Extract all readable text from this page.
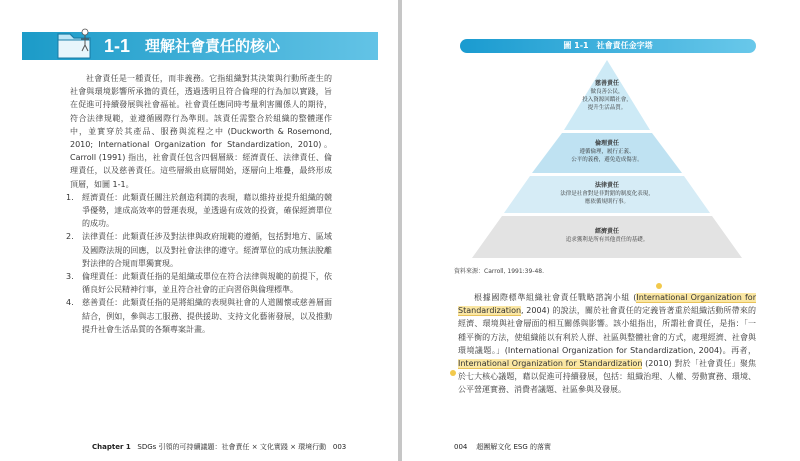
1-1 理解社會責任的核心

社會責任是一種責任，而非義務。它指組織對其決策與行動所產生的社會與環境影響所承擔的責任，透過透明且符合倫理的行為加以實踐，旨在促進可持續發展與社會福祉。社會責任應同時考量利害關係人的期待，符合法律規範，並遵循國際行為準則。該責任需整合於組織的整體運作中，並實穿於其產品、服務與流程之中 (Duckworth & Rosemond, 2010; International Organization for Standardization, 2010)。Carroll (1991) 指出，社會責任包含四個層級：經濟責任、法律責任、倫理責任，以及慈善責任。這些層級由底層開始，逐層向上堆疊，最終形成頂層，如圖 1-1。

1.	經濟責任：此類責任關注於創造利潤的表現，藉以維持並提升組織的競爭優勢，達成高效率的營運表現，並透過有成效的投資，確保經濟單位的成功。
2.	法律責任：此類責任涉及對法律與政府規範的遵循，包括對地方、區域及國際法規的回應，以及對社會法律的遵守。經濟單位的成功無法脫離對法律的合規而單獨實現。
3.	倫理責任：此類責任指的是組織或單位在符合法律與規範的前提下，依循良好公民精神行事，並且符合社會的正向習俗與倫理標準。
4.	慈善責任：此類責任指的是將組織的表現與社會的人道關懷或慈善層面結合，例如，參與志工服務、提供援助、支持文化藝術發展，以及推動提升社會生活品質的各類專案計畫。
Chapter 1 SDGs 引領的可持續議題：社會責任 × 文化實踐 × 環境行動 003
圖 1-1　社會責任金字塔
慈善責任
做良善公民，
投入資源回饋社會，
提升生活品質。
倫理責任
遵循倫理，履行正義、
公平的義務，避免造成傷害。
法律責任
法律是社會對是非對錯的制度化表現，
應依循規則行事。
經濟責任
追求獲利是所有其他責任的基礎。
資料來源：Carroll, 1991:39-48.

根據國際標準組織社會責任戰略諮詢小組 (International Organization for Standardization, 2004) 的說法，關於社會責任的定義皆著重於組織活動所帶來的經濟、環境與社會層面的相互關係與影響。該小組指出，所謂社會責任，是指：「一種平衡的方法，使組織能以有利於人群、社區與整體社會的方式，處理經濟、社會與環境議題。」(International Organization for Standardization, 2004)。再者，International Organization for Standardization (2010) 對於「社會責任」聚焦於七大核心議題，藉以促進可持續發展，包括：組織治理、人權、勞動實務、環境、公平營運實務、消費者議題、社區參與及發展。

004 超團解文化 ESG 的落實
